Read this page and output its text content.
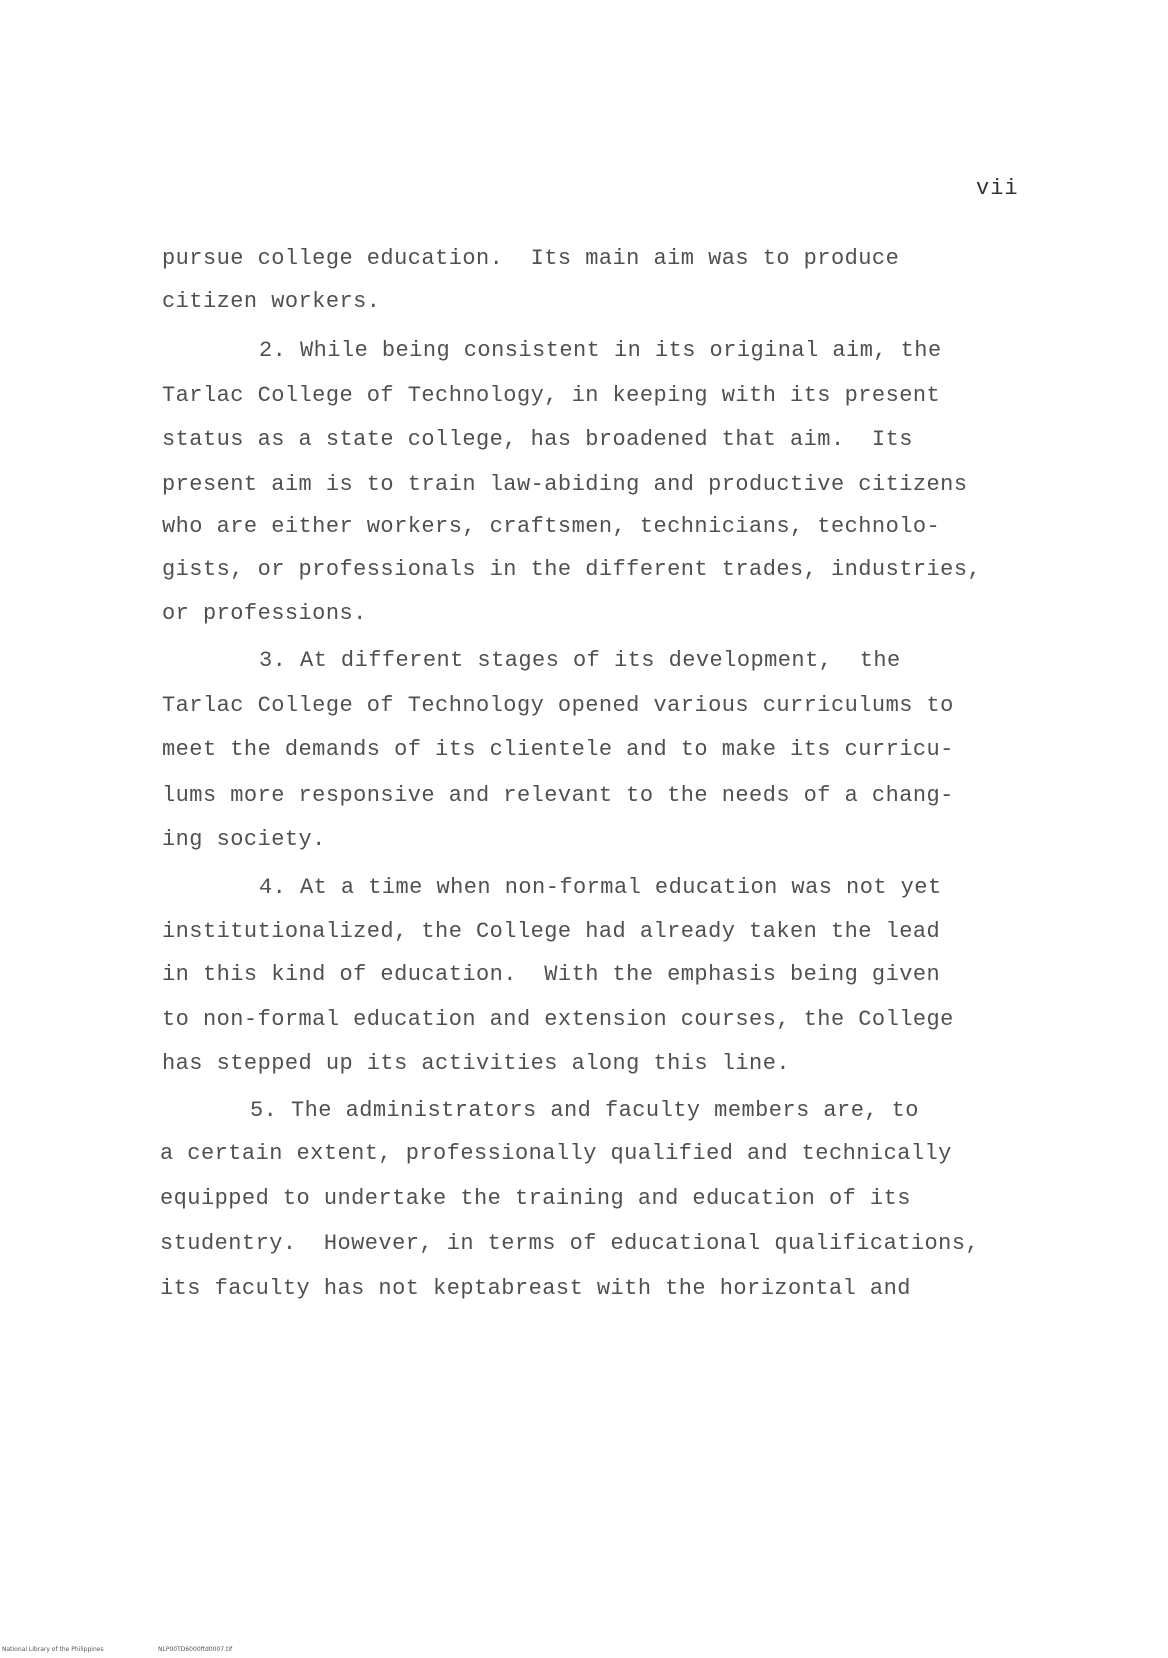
vii
pursue college education.  Its main aim was to produce
citizen workers.
2. While being consistent in its original aim, the
Tarlac College of Technology, in keeping with its present
status as a state college, has broadened that aim.  Its
present aim is to train law-abiding and productive citizens
who are either workers, craftsmen, technicians, technolo-
gists, or professionals in the different trades, industries,
or professions.
3. At different stages of its development,  the
Tarlac College of Technology opened various curriculums to
meet the demands of its clientele and to make its curricu-
lums more responsive and relevant to the needs of a chang-
ing society.
4. At a time when non-formal education was not yet
institutionalized, the College had already taken the lead
in this kind of education.  With the emphasis being given
to non-formal education and extension courses, the College
has stepped up its activities along this line.
5. The administrators and faculty members are, to
a certain extent, professionally qualified and technically
equipped to undertake the training and education of its
studentry.  However, in terms of educational qualifications,
its faculty has not keptabreast with the horizontal and
National Library of the Philippines	NLP00TD6000ftd0007.tif
